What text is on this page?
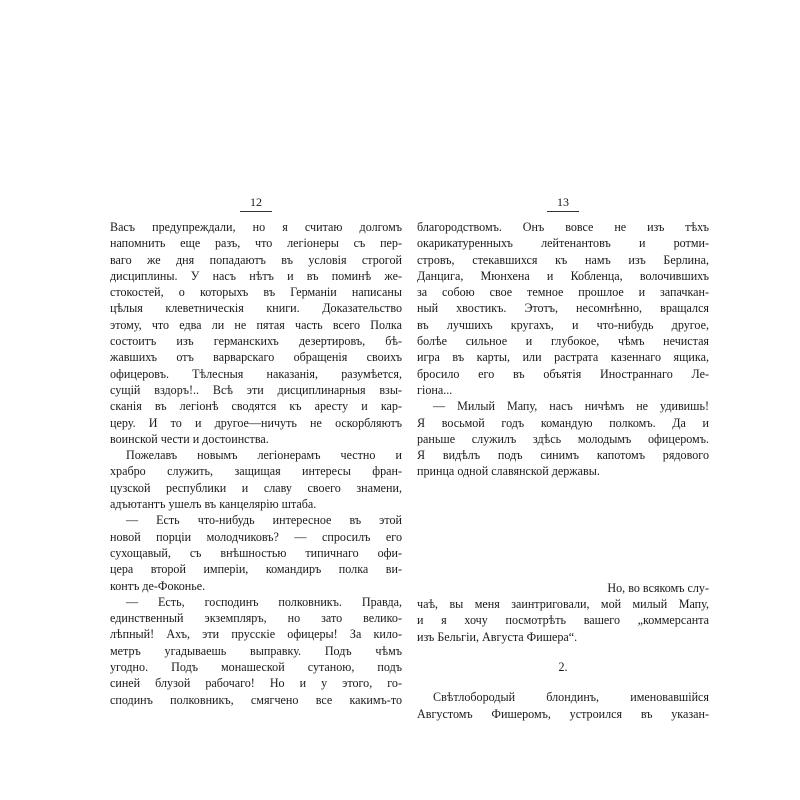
12
Васъ предупреждали, но я считаю долгомъ
напомнить еще разъ, что легіонеры съ пер-
ваго же дня попадаютъ въ условія строгой
дисциплины. У насъ нѣтъ и въ поминѣ же-
стокостей, о которыхъ въ Германіи написаны
цѣлыя клеветническія книги. Доказательство
этому, что едва ли не пятая часть всего Полка
состоитъ изъ германскихъ дезертировъ, бѣ-
жавшихъ отъ варварскаго обращенія своихъ
офицеровъ. Тѣлесныя наказанія, разумѣется,
сущій вздоръ!.. Всѣ эти дисциплинарныя взы-
сканія въ легіонѣ сводятся къ аресту и кар-
церу. И то и другое—ничуть не оскорбляютъ
воинской чести и достоинства.
Пожелавъ новымъ легіонерамъ честно и
храбро служить, защищая интересы фран-
цузской республики и славу своего знамени,
адъютантъ ушелъ въ канцелярію штаба.
— Есть что-нибудь интересное въ этой
новой порціи молодчиковъ? — спросилъ его
сухощавый, съ внѣшностью типичнаго офи-
цера второй имперіи, командиръ полка ви-
контъ де-Фоконье.
— Есть, господинъ полковникъ. Правда,
единственный экземпляръ, но зато велико-
лѣпный! Ахъ, эти прусскіе офицеры! За кило-
метръ угадываешь выправку. Подъ чѣмъ
угодно. Подъ монашеской сутаною, подъ
синей блузой рабочаго! Но и у этого, го-
сподинъ полковникъ, смягчено все какимъ-то
13
благородствомъ. Онъ вовсе не изъ тѣхъ
окарикатуренныхъ лейтенантовъ и ротми-
стровъ, стекавшихся къ намъ изъ Берлина,
Данцига, Мюнхена и Кобленца, волочившихъ
за собою свое темное прошлое и запачкан-
ный хвостикъ. Этотъ, несомнѣнно, вращался
въ лучшихъ кругахъ, и что-нибудь другое,
болѣе сильное и глубокое, чѣмъ нечистая
игра въ карты, или растрата казеннаго ящика,
бросило его въ объятія Иностраннаго Ле-
гіона...
— Милый Мапу, насъ ничѣмъ не удивишь!
Я восьмой годъ командую полкомъ. Да и
раньше служилъ здѣсь молодымъ офицеромъ.
Я видѣлъ подъ синимъ капотомъ рядового
принца одной славянской державы.
Но, во всякомъ слу-
чаѣ, вы меня заинтриговали, мой милый Мапу,
и я хочу посмотрѣть вашего „коммерсанта
изъ Бельгіи, Августа Фишера“.
2.
Свѣтлобородый блондинъ, именовавшійся
Августомъ Фишеромъ, устроился въ указан-
